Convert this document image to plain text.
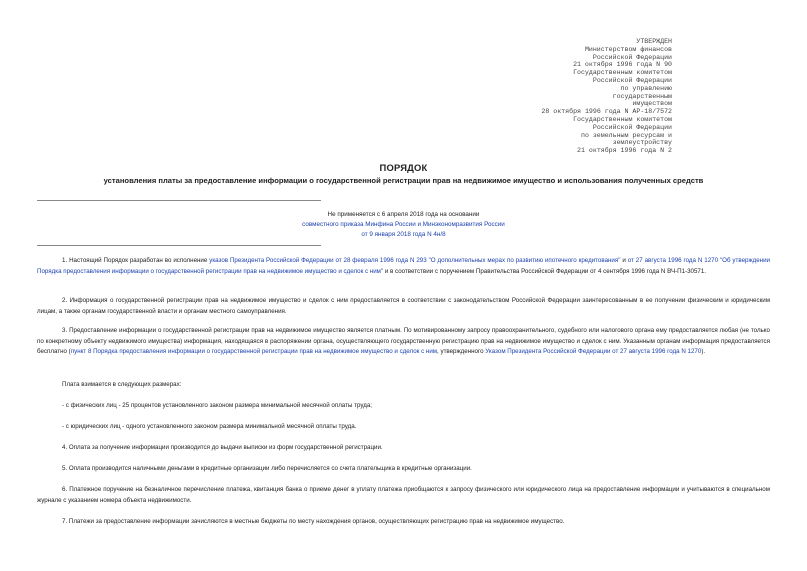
УТВЕРЖДЕН
Министерством финансов
Российской Федерации
21 октября 1996 года N 90
Государственным комитетом
Российской Федерации
по управлению
государственным
имуществом
28 октября 1996 года N АР-18/7572
Государственным комитетом
Российской Федерации
по земельным ресурсам и
землеустройству
21 октября 1996 года N 2
ПОРЯДОК
установления платы за предоставление информации о государственной регистрации прав на недвижимое имущество и использования полученных средств
Не применяется с 6 апреля 2018 года на основании
совместного приказа Минфина России и Минэкономразвития России
от 9 января 2018 года N 4н/8

1. Настоящий Порядок разработан во исполнение указов Президента Российской Федерации от 28 февраля 1996 года N 293 "О дополнительных мерах по развитию ипотечного кредитования" и от 27 августа 1996 года N 1270 "Об утверждении Порядка предоставления информации о государственной регистрации прав на недвижимое имущество и сделок с ним" и в соответствии с поручением Правительства Российской Федерации от 4 сентября 1996 года N ВЧ-П1-30571.

2. Информация о государственной регистрации прав на недвижимое имущество и сделок с ним предоставляется в соответствии с законодательством Российской Федерации заинтересованным в ее получении физическим и юридическим лицам, а также органам государственной власти и органам местного самоуправления.

3. Предоставление информации о государственной регистрации прав на недвижимое имущество является платным. По мотивированному запросу правоохранительного, судебного или налогового органа ему предоставляется любая (не только по конкретному объекту недвижимого имущества) информация, находящаяся в распоряжении органа, осуществляющего государственную регистрацию прав на недвижимое имущество и сделок с ним. Указанным органам информация предоставляется бесплатно (пункт 8 Порядка предоставления информации о государственной регистрации прав на недвижимое имущество и сделок с ним, утвержденного Указом Президента Российской Федерации от 27 августа 1996 года N 1270).

Плата взимается в следующих размерах:

- с физических лиц - 25 процентов установленного законом размера минимальной месячной оплаты труда;

- с юридических лиц - одного установленного законом размера минимальной месячной оплаты труда.

4. Оплата за получение информации производится до выдачи выписки из форм государственной регистрации.

5. Оплата производится наличными деньгами в кредитные организации либо перечисляется со счета плательщика в кредитные организации.

6. Платежное поручение на безналичное перечисление платежа, квитанция банка о приеме денег в уплату платежа приобщаются к запросу физического или юридического лица на предоставление информации и учитываются в специальном журнале с указанием номера объекта недвижимости.

7. Платежи за предоставление информации зачисляются в местные бюджеты по месту нахождения органов, осуществляющих регистрацию прав на недвижимое имущество.
